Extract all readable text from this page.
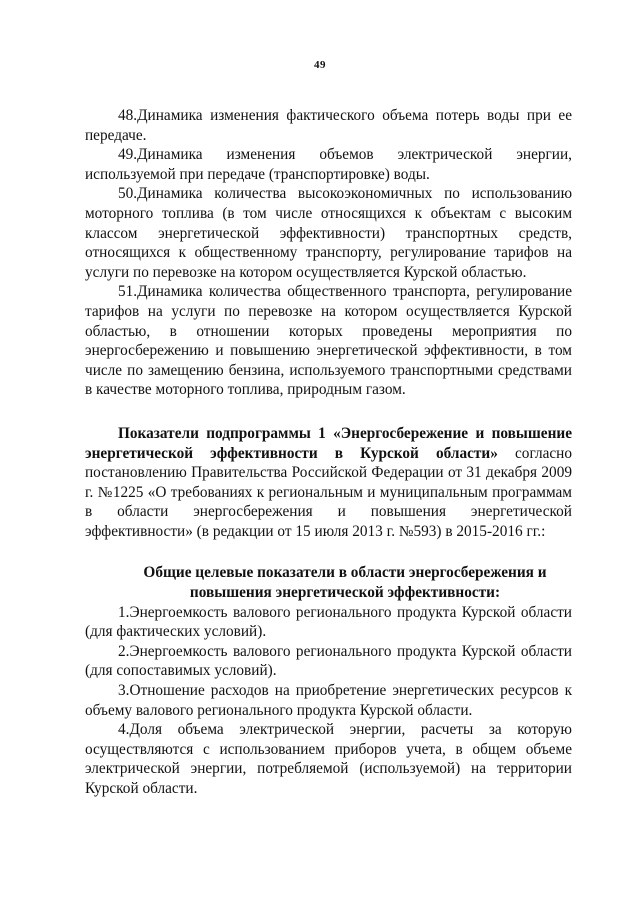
49

48.Динамика изменения фактического объема потерь воды при ее передаче.

49.Динамика изменения объемов электрической энергии, используемой при передаче (транспортировке) воды.

50.Динамика количества высокоэкономичных по использованию моторного топлива (в том числе относящихся к объектам с высоким классом энергетической эффективности) транспортных средств, относящихся к общественному транспорту, регулирование тарифов на услуги по перевозке на котором осуществляется Курской областью.

51.Динамика количества общественного транспорта, регулирование тарифов на услуги по перевозке на котором осуществляется Курской областью, в отношении которых проведены мероприятия по энергосбережению и повышению энергетической эффективности, в том числе по замещению бензина, используемого транспортными средствами в качестве моторного топлива, природным газом.

Показатели подпрограммы 1 «Энергосбережение и повышение энергетической эффективности в Курской области» согласно постановлению Правительства Российской Федерации от 31 декабря 2009 г. №1225 «О требованиях к региональным и муниципальным программам в области энергосбережения и повышения энергетической эффективности» (в редакции от 15 июля 2013 г. №593) в 2015-2016 гг.:

Общие целевые показатели в области энергосбережения и

повышения энергетической эффективности:

1.Энергоемкость валового регионального продукта Курской области (для фактических условий).

2.Энергоемкость валового регионального продукта Курской области (для сопоставимых условий).

3.Отношение расходов на приобретение энергетических ресурсов к объему валового регионального продукта Курской области.

4.Доля объема электрической энергии, расчеты за которую осуществляются с использованием приборов учета, в общем объеме электрической энергии, потребляемой (используемой) на территории Курской области.
